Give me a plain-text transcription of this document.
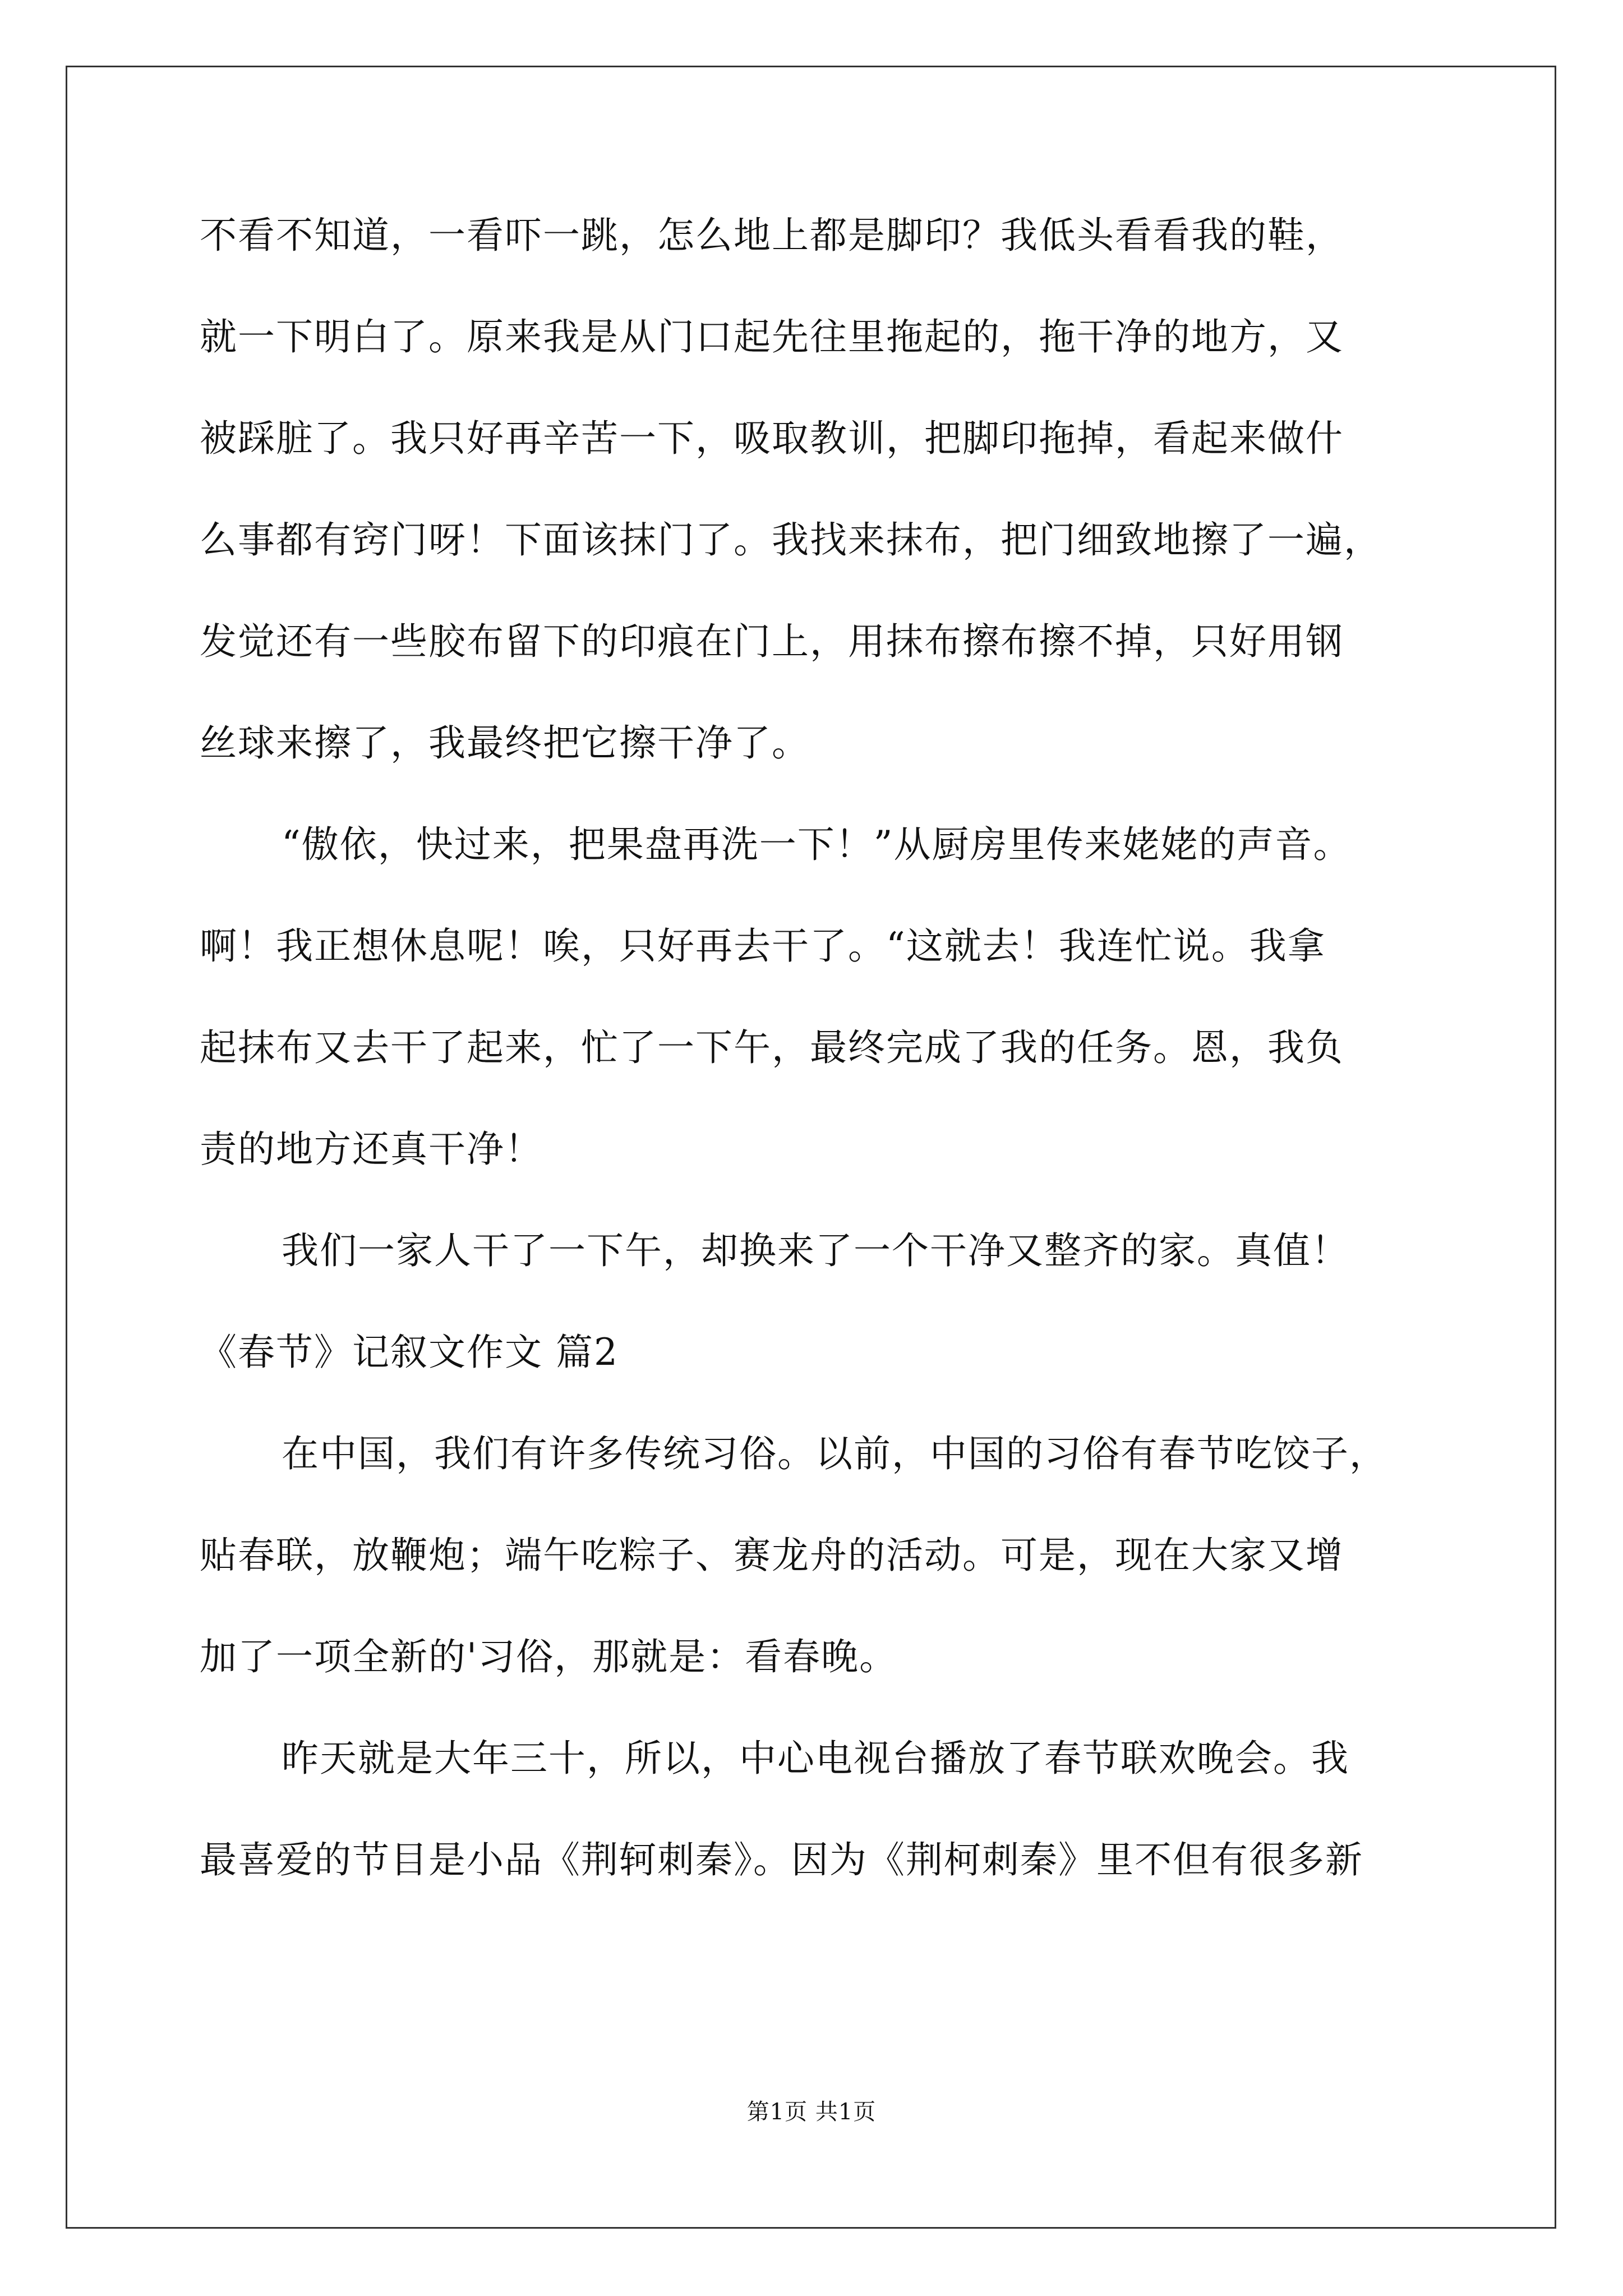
不看不知道，一看吓一跳，怎么地上都是脚印？我低头看看我的鞋，
就一下明白了。原来我是从门口起先往里拖起的，拖干净的地方，又
被踩脏了。我只好再辛苦一下，吸取教训，把脚印拖掉，看起来做什
么事都有窍门呀！下面该抹门了。我找来抹布，把门细致地擦了一遍，
发觉还有一些胶布留下的印痕在门上，用抹布擦布擦不掉，只好用钢
丝球来擦了，我最终把它擦干净了。
“傲依，快过来，把果盘再洗一下！”从厨房里传来姥姥的声音。
啊！我正想休息呢！唉，只好再去干了。“这就去！我连忙说。我拿
起抹布又去干了起来，忙了一下午，最终完成了我的任务。恩，我负
责的地方还真干净！
我们一家人干了一下午，却换来了一个干净又整齐的家。真值！
《春节》记叙文作文 篇2
在中国，我们有许多传统习俗。以前，中国的习俗有春节吃饺子，
贴春联，放鞭炮；端午吃粽子、赛龙舟的活动。可是，现在大家又增
加了一项全新的'习俗，那就是：看春晚。
昨天就是大年三十，所以，中心电视台播放了春节联欢晚会。我
最喜爱的节目是小品《荆轲刺秦》。因为《荆柯刺秦》里不但有很多新
第1页 共1页
